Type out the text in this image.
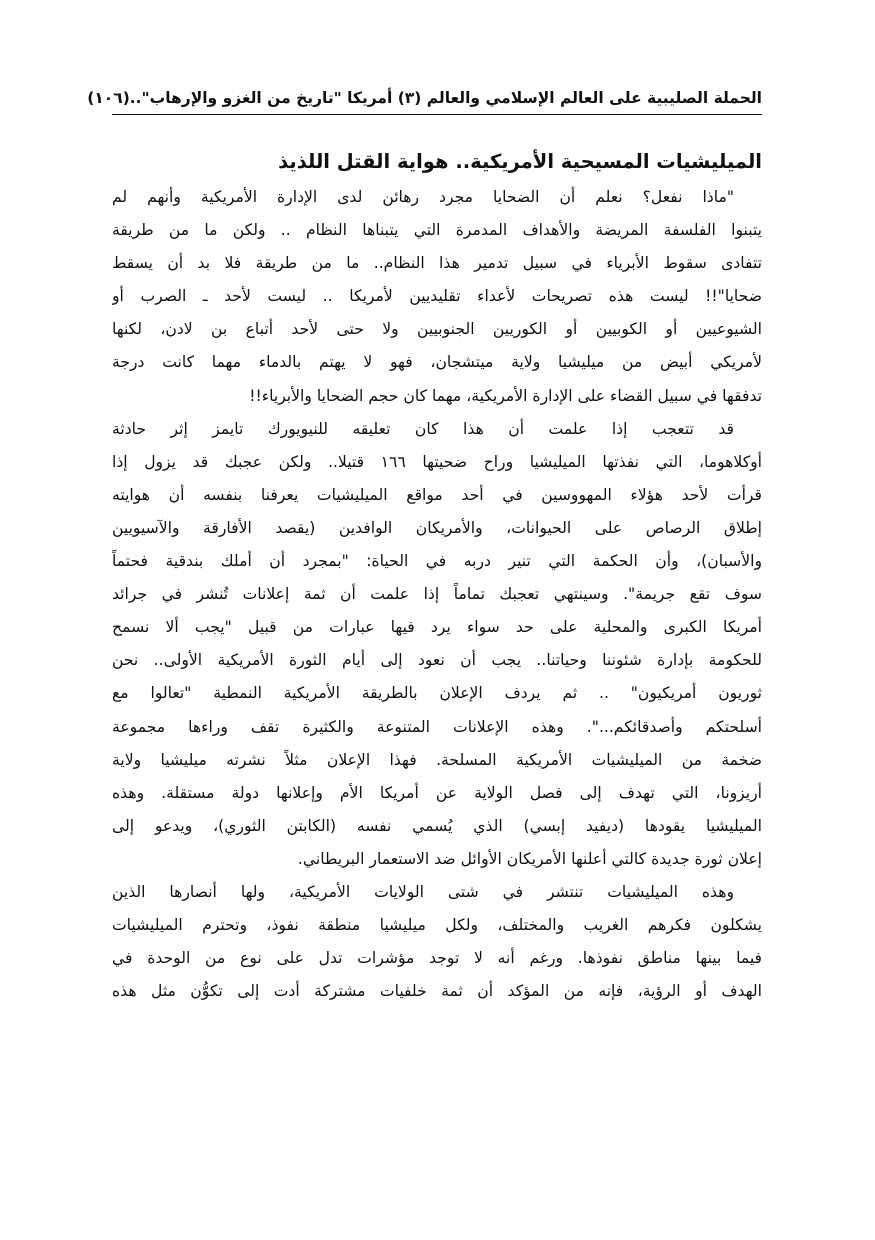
الحملة الصليبية على العالم الإسلامي والعالم (٣) أمريكا "تاريخ من الغزو والإرهاب"..
(١٠٦)
الميليشيات المسيحية الأمريكية.. هواية القتل اللذيذ
"ماذا نفعل؟ نعلم أن الضحايا مجرد رهائن لدى الإدارة الأمريكية وأنهم لم
يتبنوا الفلسفة المريضة والأهداف المدمرة التي يتبناها النظام .. ولكن ما من طريقة
تتفادى سقوط الأبرياء في سبيل تدمير هذا النظام.. ما من طريقة فلا بد أن يسقط
ضحايا"!! ليست هذه تصريحات لأعداء تقليديين لأمريكا .. ليست لأحد ـ الصرب أو
الشيوعيين أو الكوبيين أو الكوريين الجنوبيين ولا حتى لأحد أتباع بن لادن، لكنها
لأمريكي أبيض من ميليشيا ولاية ميتشجان، فهو لا يهتم بالدماء مهما كانت درجة
تدفقها في سبيل القضاء على الإدارة الأمريكية، مهما كان حجم الضحايا والأبرياء!!
قد تتعجب إذا علمت أن هذا كان تعليقه للنيويورك تايمز إثر حادثة
أوكلاهوما، التي نفذتها الميليشيا وراح ضحيتها ١٦٦ قتيلا.. ولكن عجبك قد يزول إذا
قرأت لأحد هؤلاء المهووسين في أحد مواقع الميليشيات يعرفنا بنفسه أن هوايته
إطلاق الرصاص على الحيوانات، والأمريكان الوافدين (يقصد الأفارقة والآسيويين
والأسبان)، وأن الحكمة التي تنير دربه في الحياة: "بمجرد أن أملك بندقية فحتماً
سوف تقع جريمة". وسينتهي تعجبك تماماً إذا علمت أن ثمة إعلانات تُنشر في جرائد
أمريكا الكبرى والمحلية على حد سواء يرد فيها عبارات من قبيل "يجب ألا نسمح
للحكومة بإدارة شئوننا وحياتنا.. يجب أن نعود إلى أيام الثورة الأمريكية الأولى.. نحن
ثوريون أمريكيون" .. ثم يردف الإعلان بالطريقة الأمريكية النمطية "تعالوا مع
أسلحتكم وأصدقائكم...". وهذه الإعلانات المتنوعة والكثيرة تقف وراءها مجموعة
ضخمة من الميليشيات الأمريكية المسلحة. فهذا الإعلان مثلاً نشرته ميليشيا ولاية
أريزونا، التي تهدف إلى فصل الولاية عن أمريكا الأم وإعلانها دولة مستقلة. وهذه
الميليشيا يقودها (ديفيد إبسي) الذي يُسمي نفسه (الكابتن الثوري)، ويدعو إلى
إعلان ثورة جديدة كالتي أعلنها الأمريكان الأوائل ضد الاستعمار البريطاني.
وهذه الميليشيات تنتشر في شتى الولايات الأمريكية، ولها أنصارها الذين
يشكلون فكرهم الغريب والمختلف، ولكل ميليشيا منطقة نفوذ، وتحترم الميليشيات
فيما بينها مناطق نفوذها. ورغم أنه لا توجد مؤشرات تدل على نوع من الوحدة في
الهدف أو الرؤية، فإنه من المؤكد أن ثمة خلفيات مشتركة أدت إلى تكوُّن مثل هذه
